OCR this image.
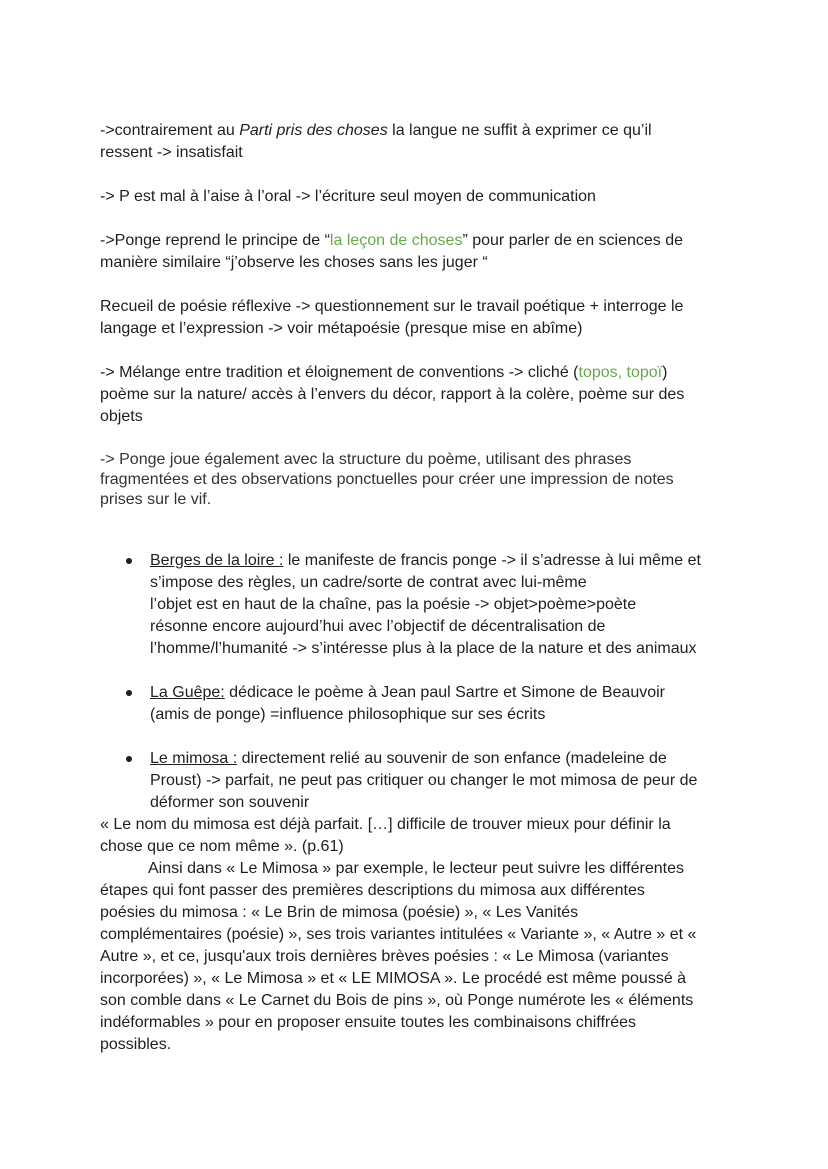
->contrairement au Parti pris des choses la langue ne suffit à exprimer ce qu’il
ressent -> insatisfait
-> P est mal à l’aise à l’oral -> l’écriture seul moyen de communication
->Ponge reprend le principe de “la leçon de choses” pour parler de en sciences de
manière similaire “j’observe les choses sans les juger “
Recueil de poésie réflexive -> questionnement sur le travail poétique + interroge le
langage et l’expression -> voir métapoésie (presque mise en abîme)
-> Mélange entre tradition et éloignement de conventions -> cliché (topos, topoï)
poème sur la nature/ accès à l’envers du décor, rapport à la colère, poème sur des
objets
-> Ponge joue également avec la structure du poème, utilisant des phrases
fragmentées et des observations ponctuelles pour créer une impression de notes
prises sur le vif.
Berges de la loire : le manifeste de francis ponge -> il s’adresse à lui même et
s’impose des règles, un cadre/sorte de contrat avec lui-même
l’objet est en haut de la chaîne, pas la poésie -> objet>poème>poète
résonne encore aujourd’hui avec l’objectif de décentralisation de
l’homme/l’humanité -> s’intéresse plus à la place de la nature et des animaux
La Guêpe: dédicace le poème à Jean paul Sartre et Simone de Beauvoir
(amis de ponge) =influence philosophique sur ses écrits
Le mimosa : directement relié au souvenir de son enfance (madeleine de
Proust) -> parfait, ne peut pas critiquer ou changer le mot mimosa de peur de
déformer son souvenir
« Le nom du mimosa est déjà parfait. […] difficile de trouver mieux pour définir la
chose que ce nom même ». (p.61)
Ainsi dans « Le Mimosa » par exemple, le lecteur peut suivre les différentes
étapes qui font passer des premières descriptions du mimosa aux différentes
poésies du mimosa : « Le Brin de mimosa (poésie) », « Les Vanités
complémentaires (poésie) », ses trois variantes intitulées « Variante », « Autre » et «
Autre », et ce, jusqu'aux trois dernières brèves poésies : « Le Mimosa (variantes
incorporées) », « Le Mimosa » et « LE MIMOSA ». Le procédé est même poussé à
son comble dans « Le Carnet du Bois de pins », où Ponge numérote les « éléments
indéformables » pour en proposer ensuite toutes les combinaisons chiffrées
possibles.
